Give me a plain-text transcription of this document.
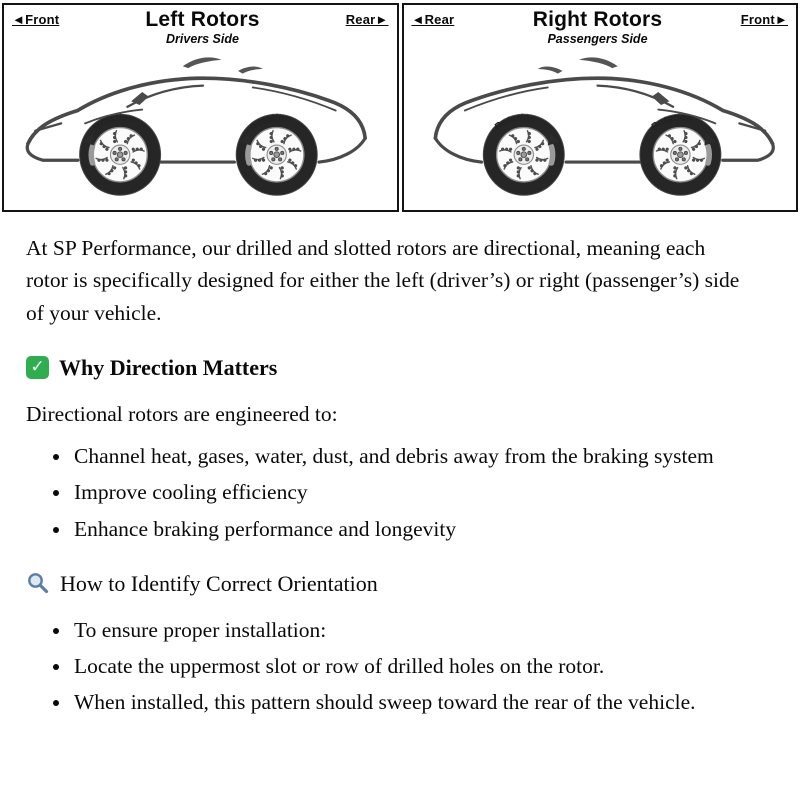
◄Front	Left Rotors
Drivers Side
Rear►
Rotation
Rotation
◄Rear	Right Rotors
Passengers Side
Front►
Rotation
Rotation

At SP Performance, our drilled and slotted rotors are directional, meaning each rotor is specifically designed for either the left (driver’s) or right (passenger’s) side of your vehicle.

✓ Why Direction Matters

Directional rotors are engineered to:

• Channel heat, gases, water, dust, and debris away from the braking system
• Improve cooling efficiency
• Enhance braking performance and longevity
How to Identify Correct Orientation
• To ensure proper installation:
• Locate the uppermost slot or row of drilled holes on the rotor.
• When installed, this pattern should sweep toward the rear of the vehicle.
